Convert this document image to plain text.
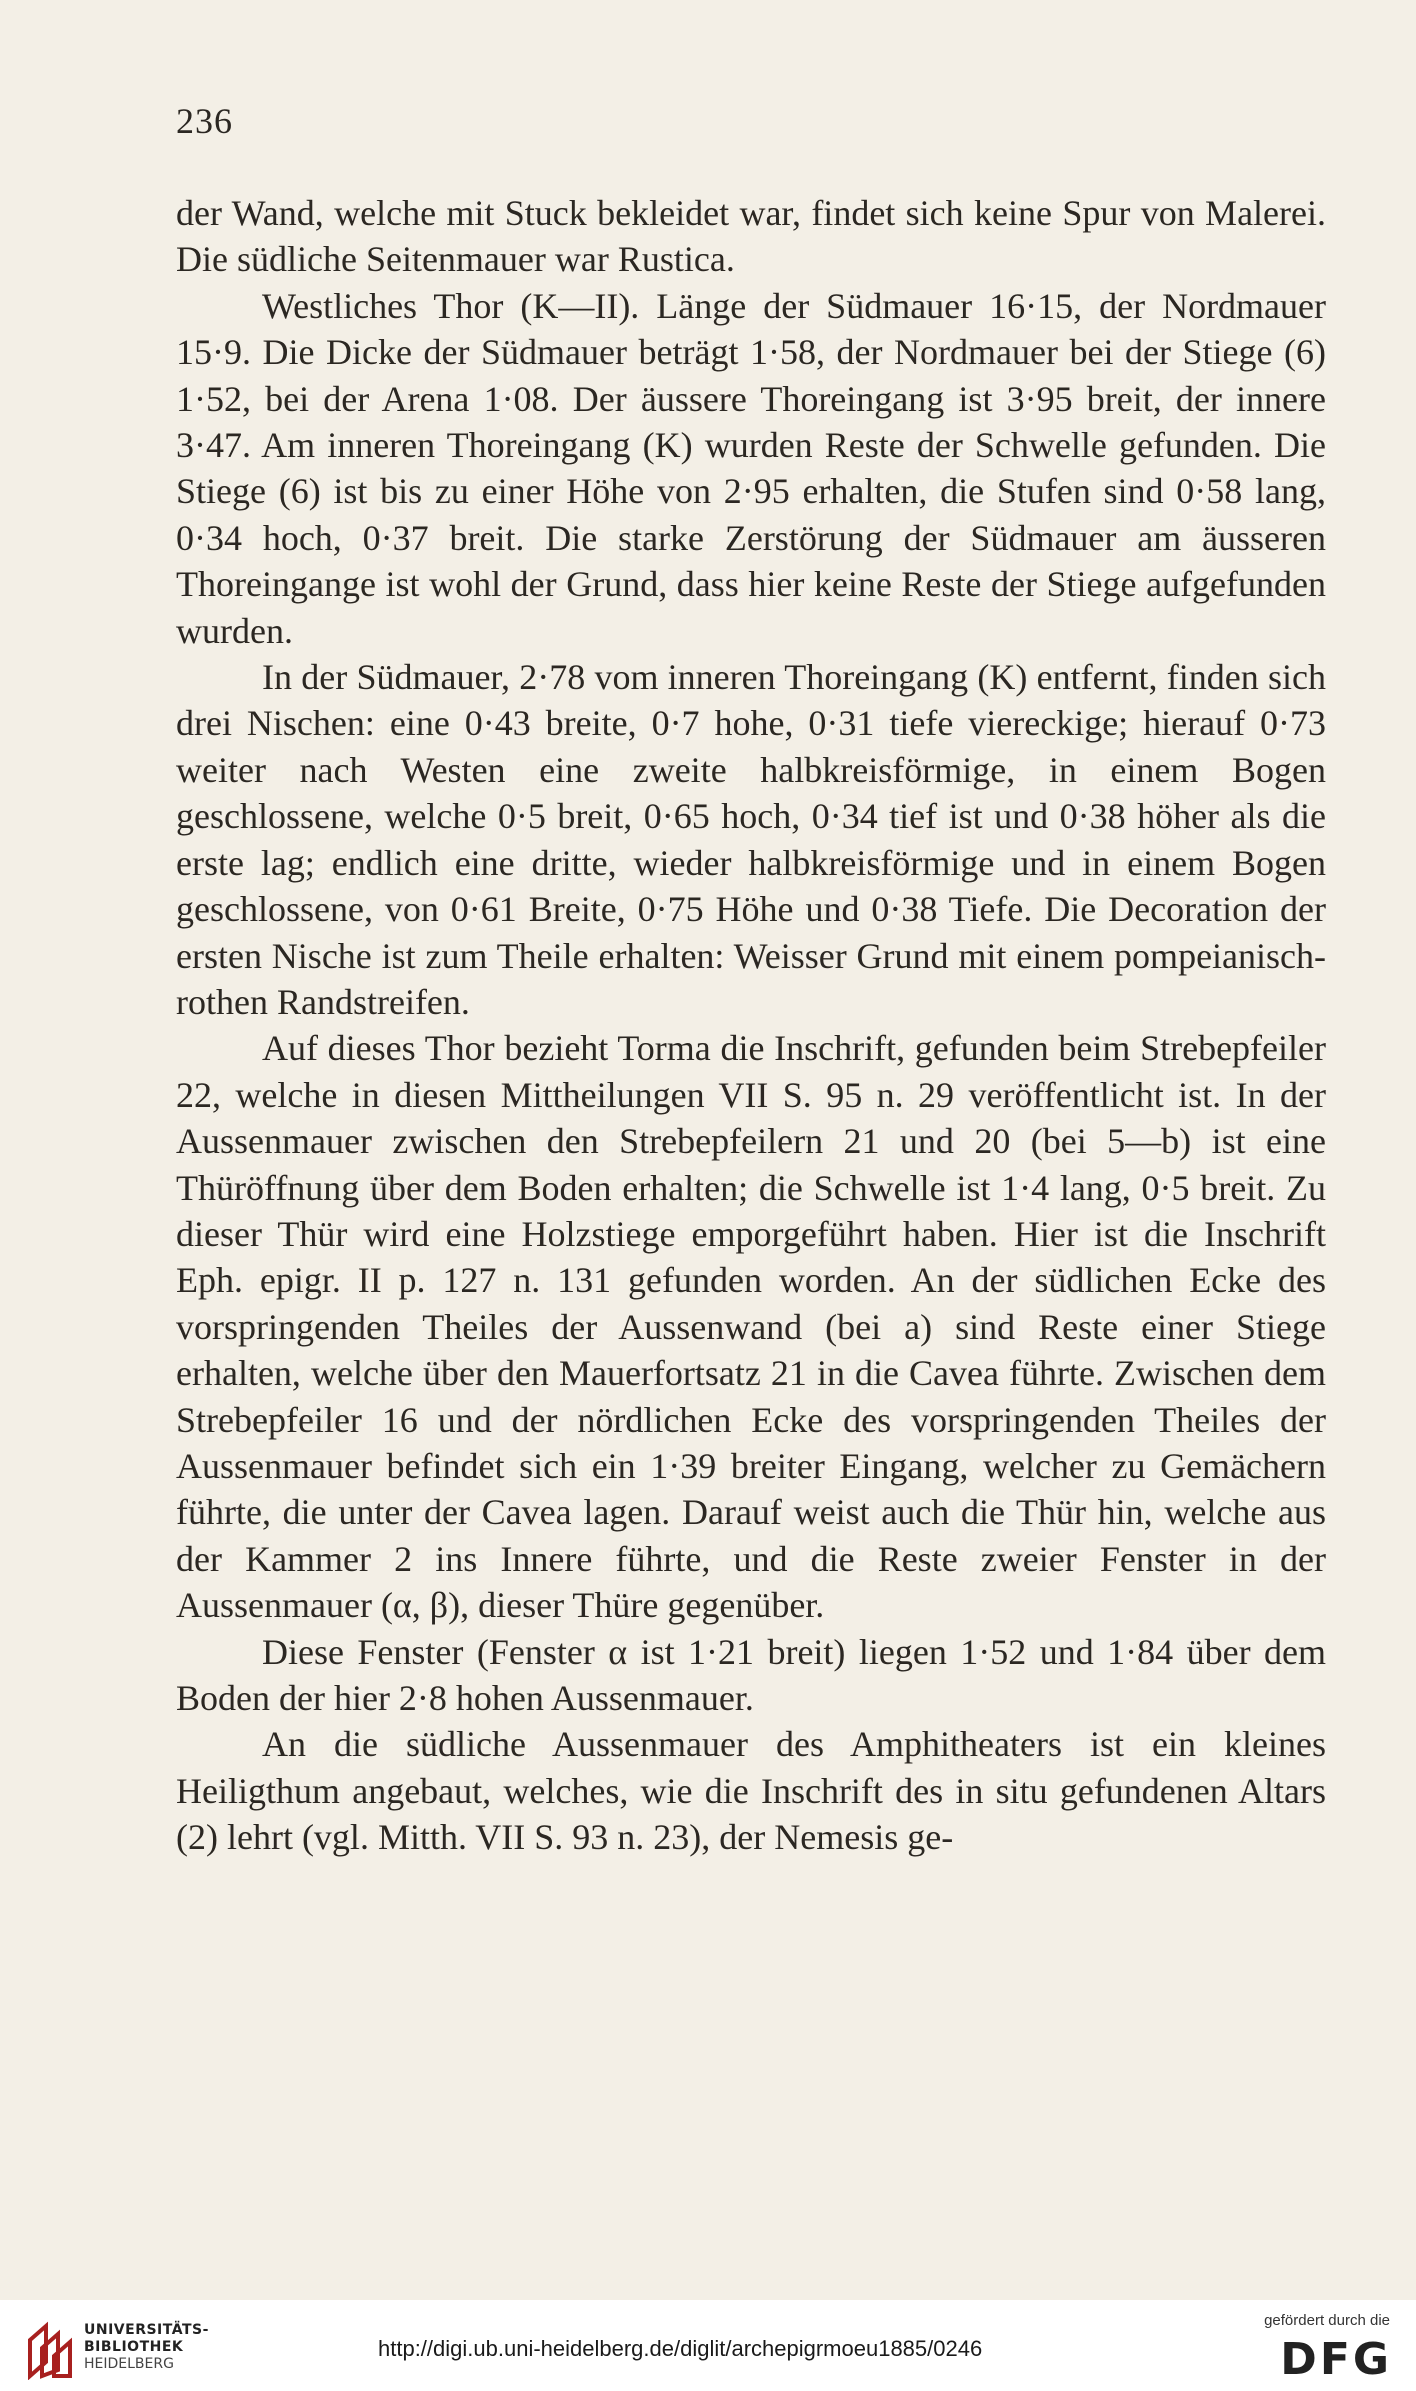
236

der Wand, welche mit Stuck bekleidet war, findet sich keine Spur von Malerei. Die südliche Seitenmauer war Rustica.

Westliches Thor (K—II). Länge der Südmauer 16·15, der Nordmauer 15·9. Die Dicke der Südmauer beträgt 1·58, der Nordmauer bei der Stiege (6) 1·52, bei der Arena 1·08. Der äussere Thoreingang ist 3·95 breit, der innere 3·47. Am inneren Thoreingang (K) wurden Reste der Schwelle gefunden. Die Stiege (6) ist bis zu einer Höhe von 2·95 erhalten, die Stufen sind 0·58 lang, 0·34 hoch, 0·37 breit. Die starke Zerstörung der Südmauer am äusseren Thoreingange ist wohl der Grund, dass hier keine Reste der Stiege aufgefunden wurden.

In der Südmauer, 2·78 vom inneren Thoreingang (K) entfernt, finden sich drei Nischen: eine 0·43 breite, 0·7 hohe, 0·31 tiefe viereckige; hierauf 0·73 weiter nach Westen eine zweite halbkreisförmige, in einem Bogen geschlossene, welche 0·5 breit, 0·65 hoch, 0·34 tief ist und 0·38 höher als die erste lag; endlich eine dritte, wieder halbkreisförmige und in einem Bogen geschlossene, von 0·61 Breite, 0·75 Höhe und 0·38 Tiefe. Die Decoration der ersten Nische ist zum Theile erhalten: Weisser Grund mit einem pompeianisch-rothen Randstreifen.

Auf dieses Thor bezieht Torma die Inschrift, gefunden beim Strebepfeiler 22, welche in diesen Mittheilungen VII S. 95 n. 29 veröffentlicht ist. In der Aussenmauer zwischen den Strebepfeilern 21 und 20 (bei 5—b) ist eine Thüröffnung über dem Boden erhalten; die Schwelle ist 1·4 lang, 0·5 breit. Zu dieser Thür wird eine Holzstiege emporgeführt haben. Hier ist die Inschrift Eph. epigr. II p. 127 n. 131 gefunden worden. An der südlichen Ecke des vorspringenden Theiles der Aussenwand (bei a) sind Reste einer Stiege erhalten, welche über den Mauerfortsatz 21 in die Cavea führte. Zwischen dem Strebepfeiler 16 und der nördlichen Ecke des vorspringenden Theiles der Aussenmauer befindet sich ein 1·39 breiter Eingang, welcher zu Gemächern führte, die unter der Cavea lagen. Darauf weist auch die Thür hin, welche aus der Kammer 2 ins Innere führte, und die Reste zweier Fenster in der Aussenmauer (α, β), dieser Thüre gegenüber.

Diese Fenster (Fenster α ist 1·21 breit) liegen 1·52 und 1·84 über dem Boden der hier 2·8 hohen Aussenmauer.

An die südliche Aussenmauer des Amphitheaters ist ein kleines Heiligthum angebaut, welches, wie die Inschrift des in situ gefundenen Altars (2) lehrt (vgl. Mitth. VII S. 93 n. 23), der Nemesis ge-

UNIVERSITÄTS-
BIBLIOTHEK
HEIDELBERG
http://digi.ub.uni-heidelberg.de/diglit/archepigrmoeu1885/0246
gefördert durch die
DFG
